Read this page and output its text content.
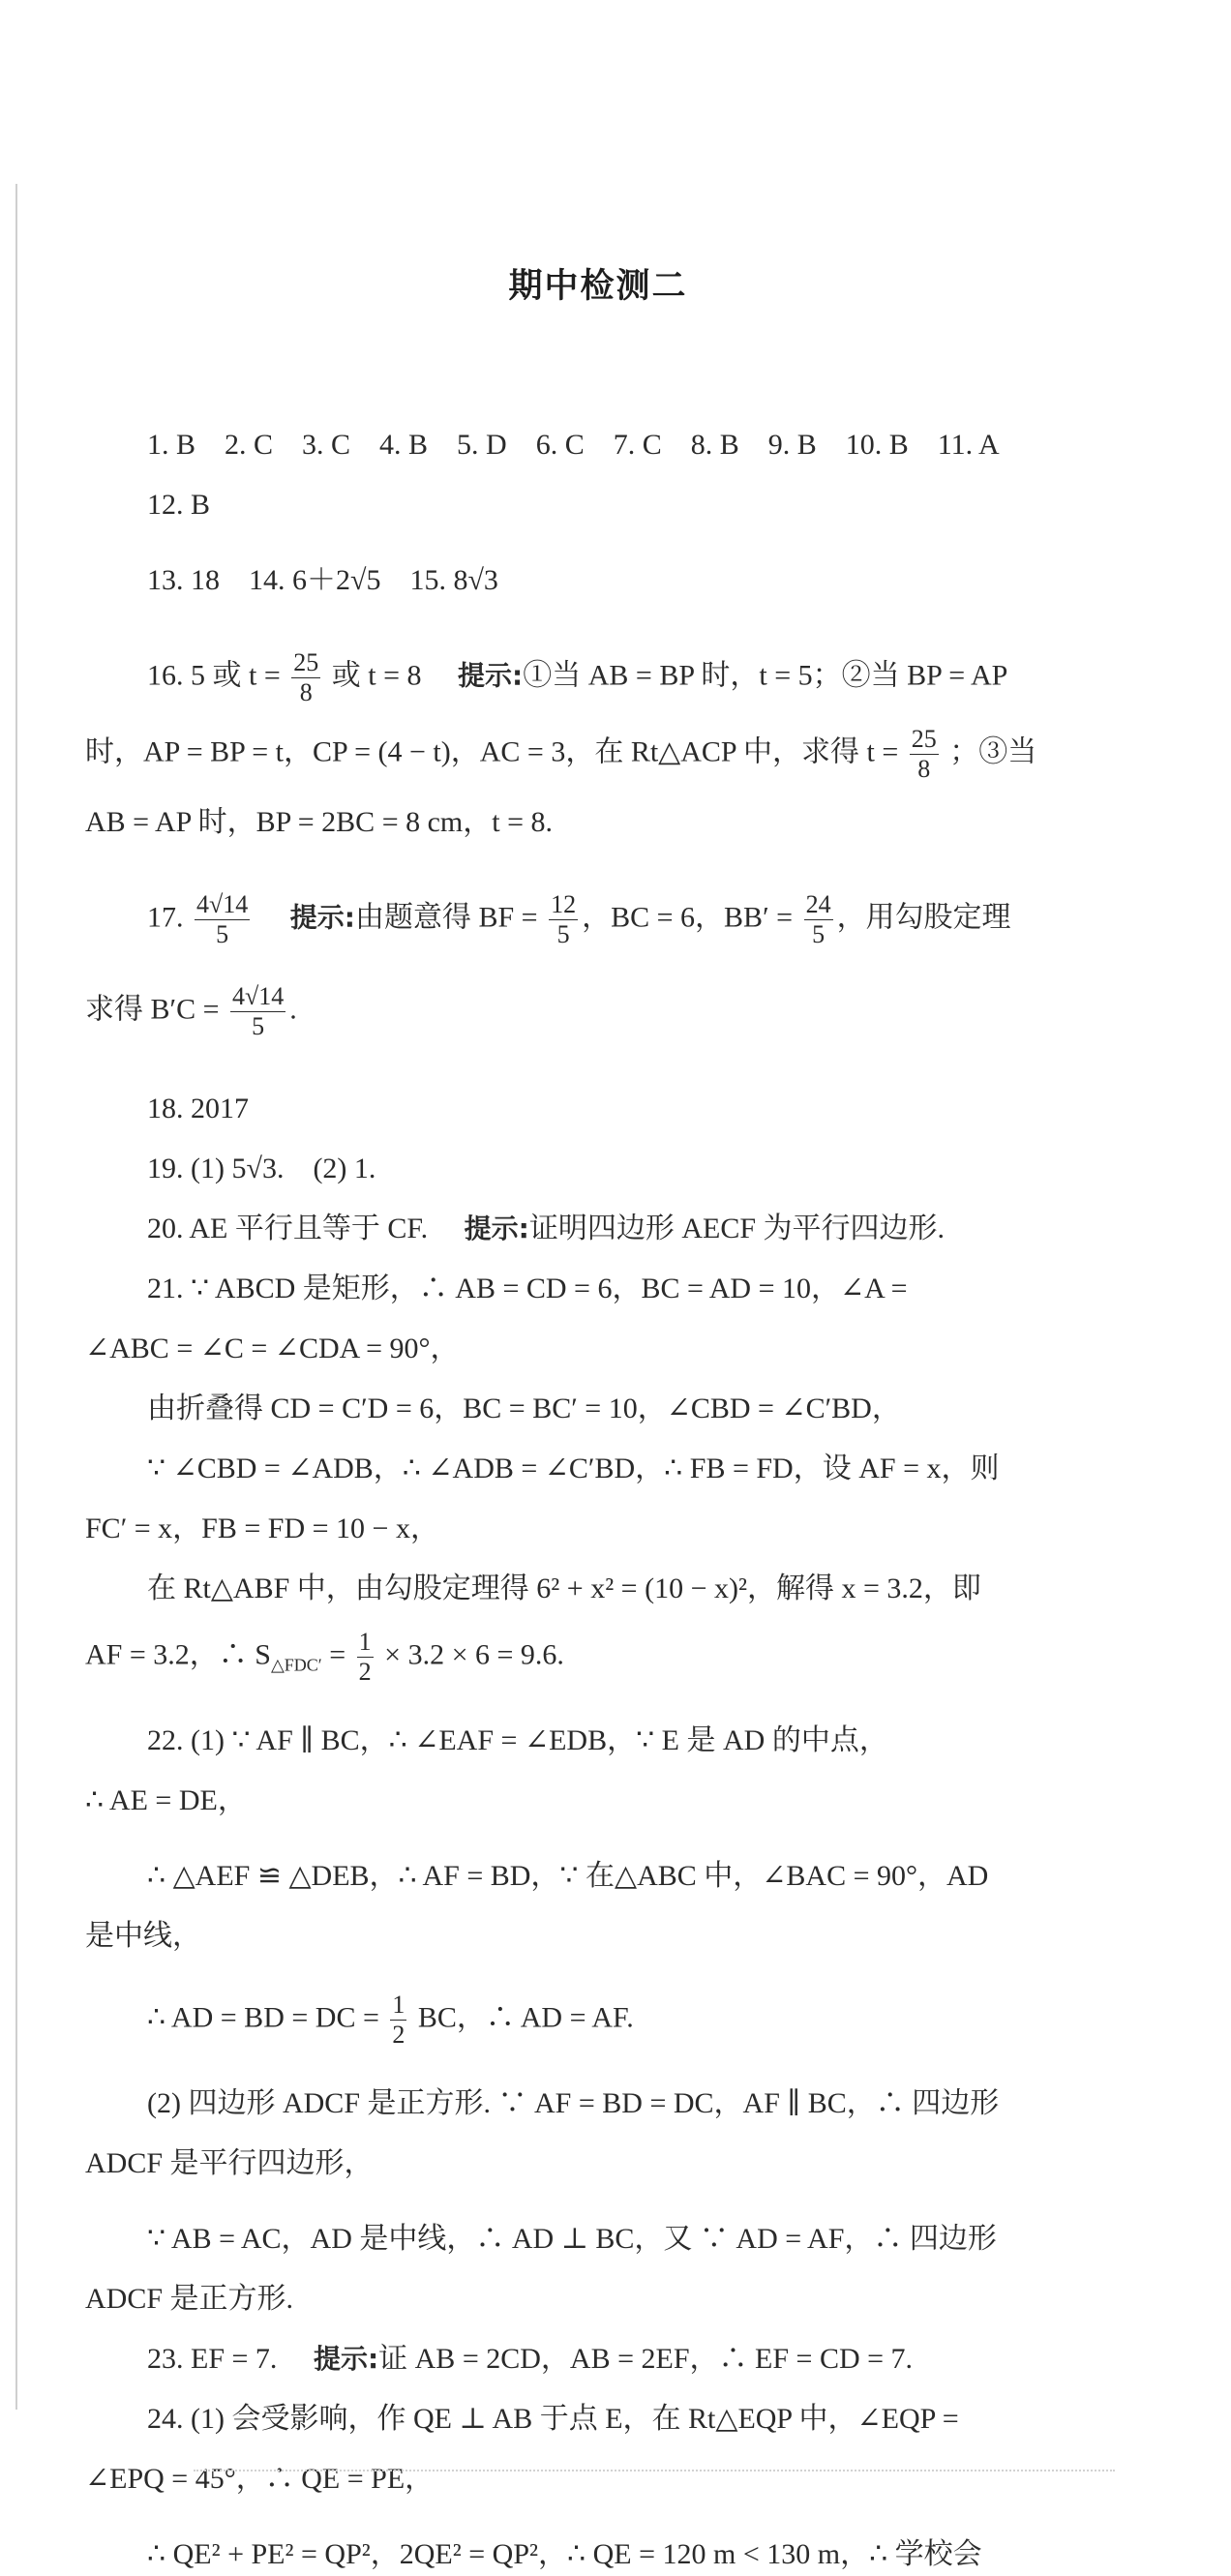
期中检测二

1. B　2. C　3. C　4. B　5. D　6. C　7. C　8. B　9. B　10. B　11. A

12. B

13. 18　14. 6＋2√5　15. 8√3

16. 5 或 $t = \frac{25}{8}$ 或 t = 8 　 提示:①当 AB = BP 时，t = 5；②当 BP = AP

时，AP = BP = t，CP = (4 − t)，AC = 3，在 Rt△ACP 中，求得 $t = \frac{25}{8}$ ；③当

AB = AP 时，BP = 2BC = 8 cm，t = 8.

17. $\frac{4√14}{5}$
　 提示:由题意得 BF = $\frac{12}{5}$ ，BC = 6，$BB' = \frac{24}{5}$ ，用勾股定理

求得 $B'C = \frac{4√14}{5}$ .

18. 2017

19. (1) 5√3.　(2) 1.

20. AE 平行且等于 CF. 　 提示:证明四边形 AECF 为平行四边形.

21. ∵ ABCD 是矩形，∴ AB = CD = 6，BC = AD = 10，∠A =

∠ABC = ∠C = ∠CDA = 90°，

由折叠得 CD = C′D = 6，BC = BC′ = 10，∠CBD = ∠C′BD，

∵ ∠CBD = ∠ADB，∴ ∠ADB = ∠C′BD，∴ FB = FD，设 AF = x，则

FC′ = x，FB = FD = 10 − x，

在 Rt△ABF 中，由勾股定理得 6² + x² = (10 − x)²，解得 x = 3.2，即

AF = 3.2，∴ $S_{\triangle FDC'} = \frac{1}{2} \times 3.2 \times 6 = 9.6$.

22. (1) ∵ AF ∥ BC，∴ ∠EAF = ∠EDB，∵ E 是 AD 的中点，

∴ AE = DE，

∴ △AEF ≌ △DEB，∴ AF = BD，∵ 在△ABC 中，∠BAC = 90°，AD

是中线，

∴ AD = BD = DC = $\frac{1}{2}$ BC，∴ AD = AF.

(2) 四边形 ADCF 是正方形. ∵ AF = BD = DC，AF ∥ BC，∴ 四边形

ADCF 是平行四边形，

∵ AB = AC，AD 是中线，∴ AD ⊥ BC，又 ∵ AD = AF，∴ 四边形

ADCF 是正方形.

23. EF = 7. 　 提示:证 AB = 2CD，AB = 2EF，∴ EF = CD = 7.

24. (1) 会受影响，作 QE ⊥ AB 于点 E，在 Rt△EQP 中，∠EQP =

∠EPQ = 45°，∴ QE = PE，

∴ QE² + PE² = QP²，2QE² = QP²，∴ QE = 120 m < 130 m，∴ 学校会
